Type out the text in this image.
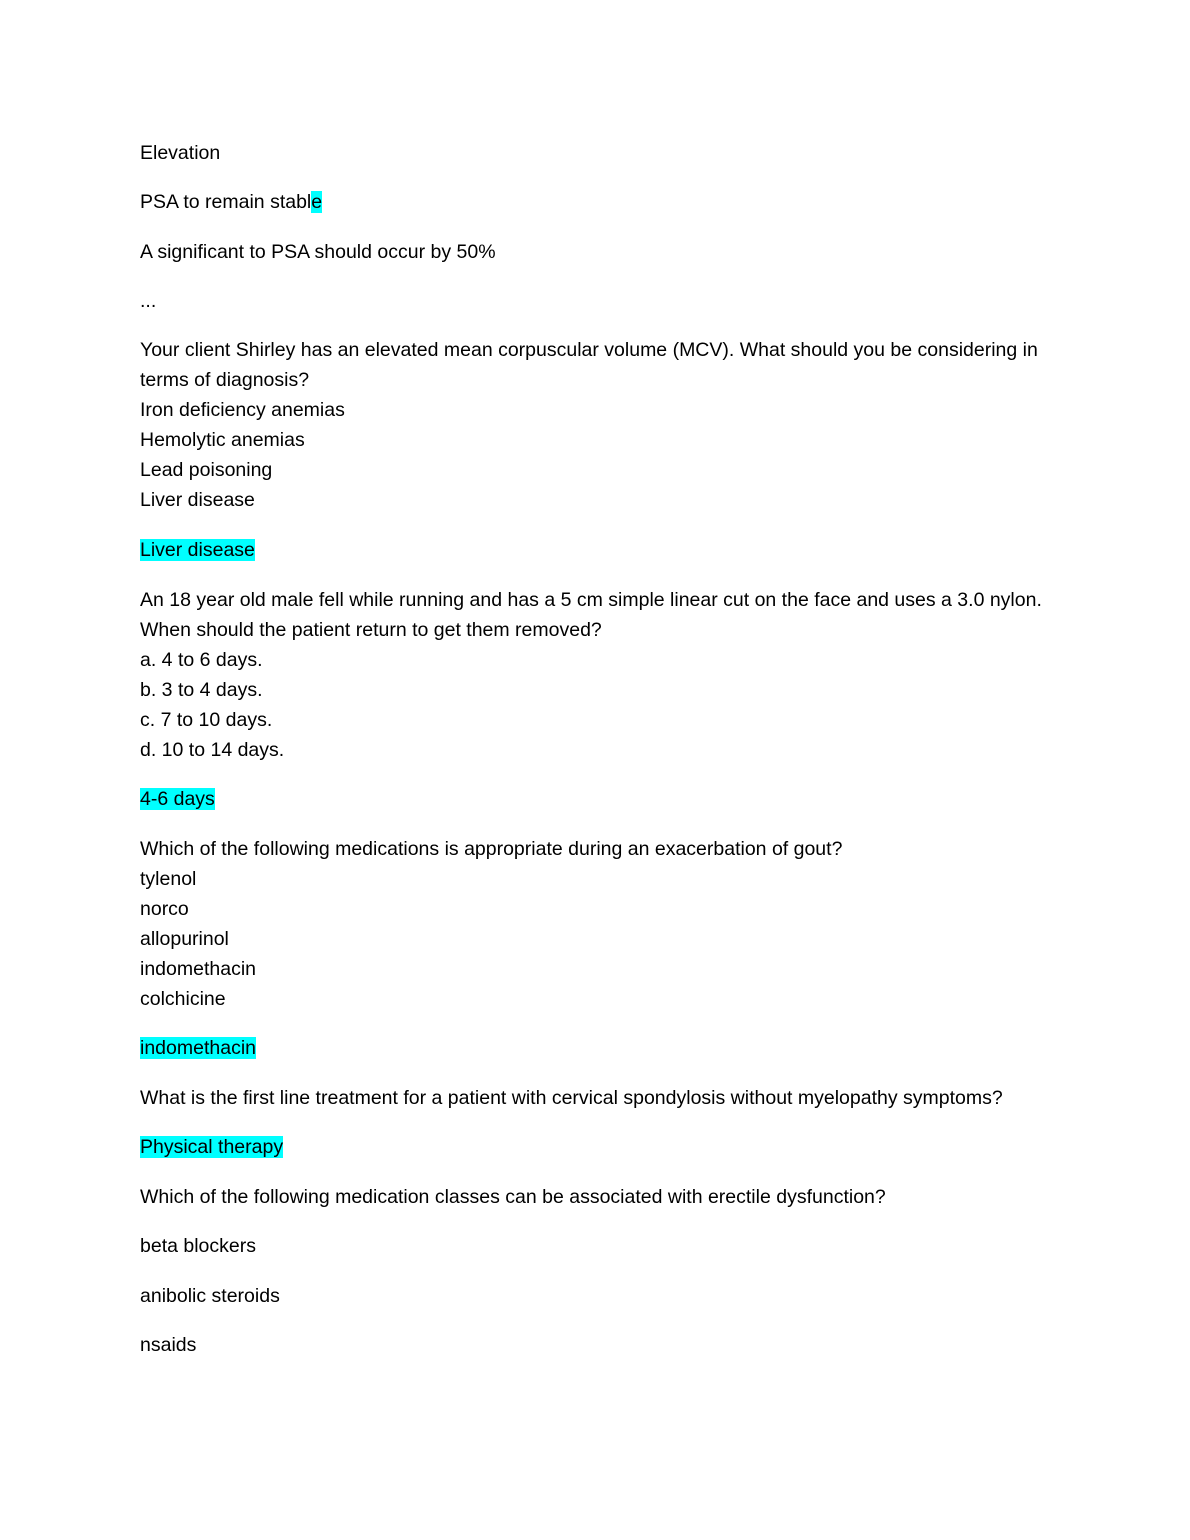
Elevation
PSA to remain stable
A significant to PSA should occur by 50%
...
Your client Shirley has an elevated mean corpuscular volume (MCV). What should you be considering in
terms of diagnosis?
Iron deficiency anemias
Hemolytic anemias
Lead poisoning
Liver disease
Liver disease
An 18 year old male fell while running and has a 5 cm simple linear cut on the face and uses a 3.0 nylon.
When should the patient return to get them removed?
a. 4 to 6 days.
b. 3 to 4 days.
c. 7 to 10 days.
d. 10 to 14 days.
4-6 days
Which of the following medications is appropriate during an exacerbation of gout?
tylenol
norco
allopurinol
indomethacin
colchicine
indomethacin
What is the first line treatment for a patient with cervical spondylosis without myelopathy symptoms?
Physical therapy
Which of the following medication classes can be associated with erectile dysfunction?
beta blockers
anibolic steroids
nsaids
